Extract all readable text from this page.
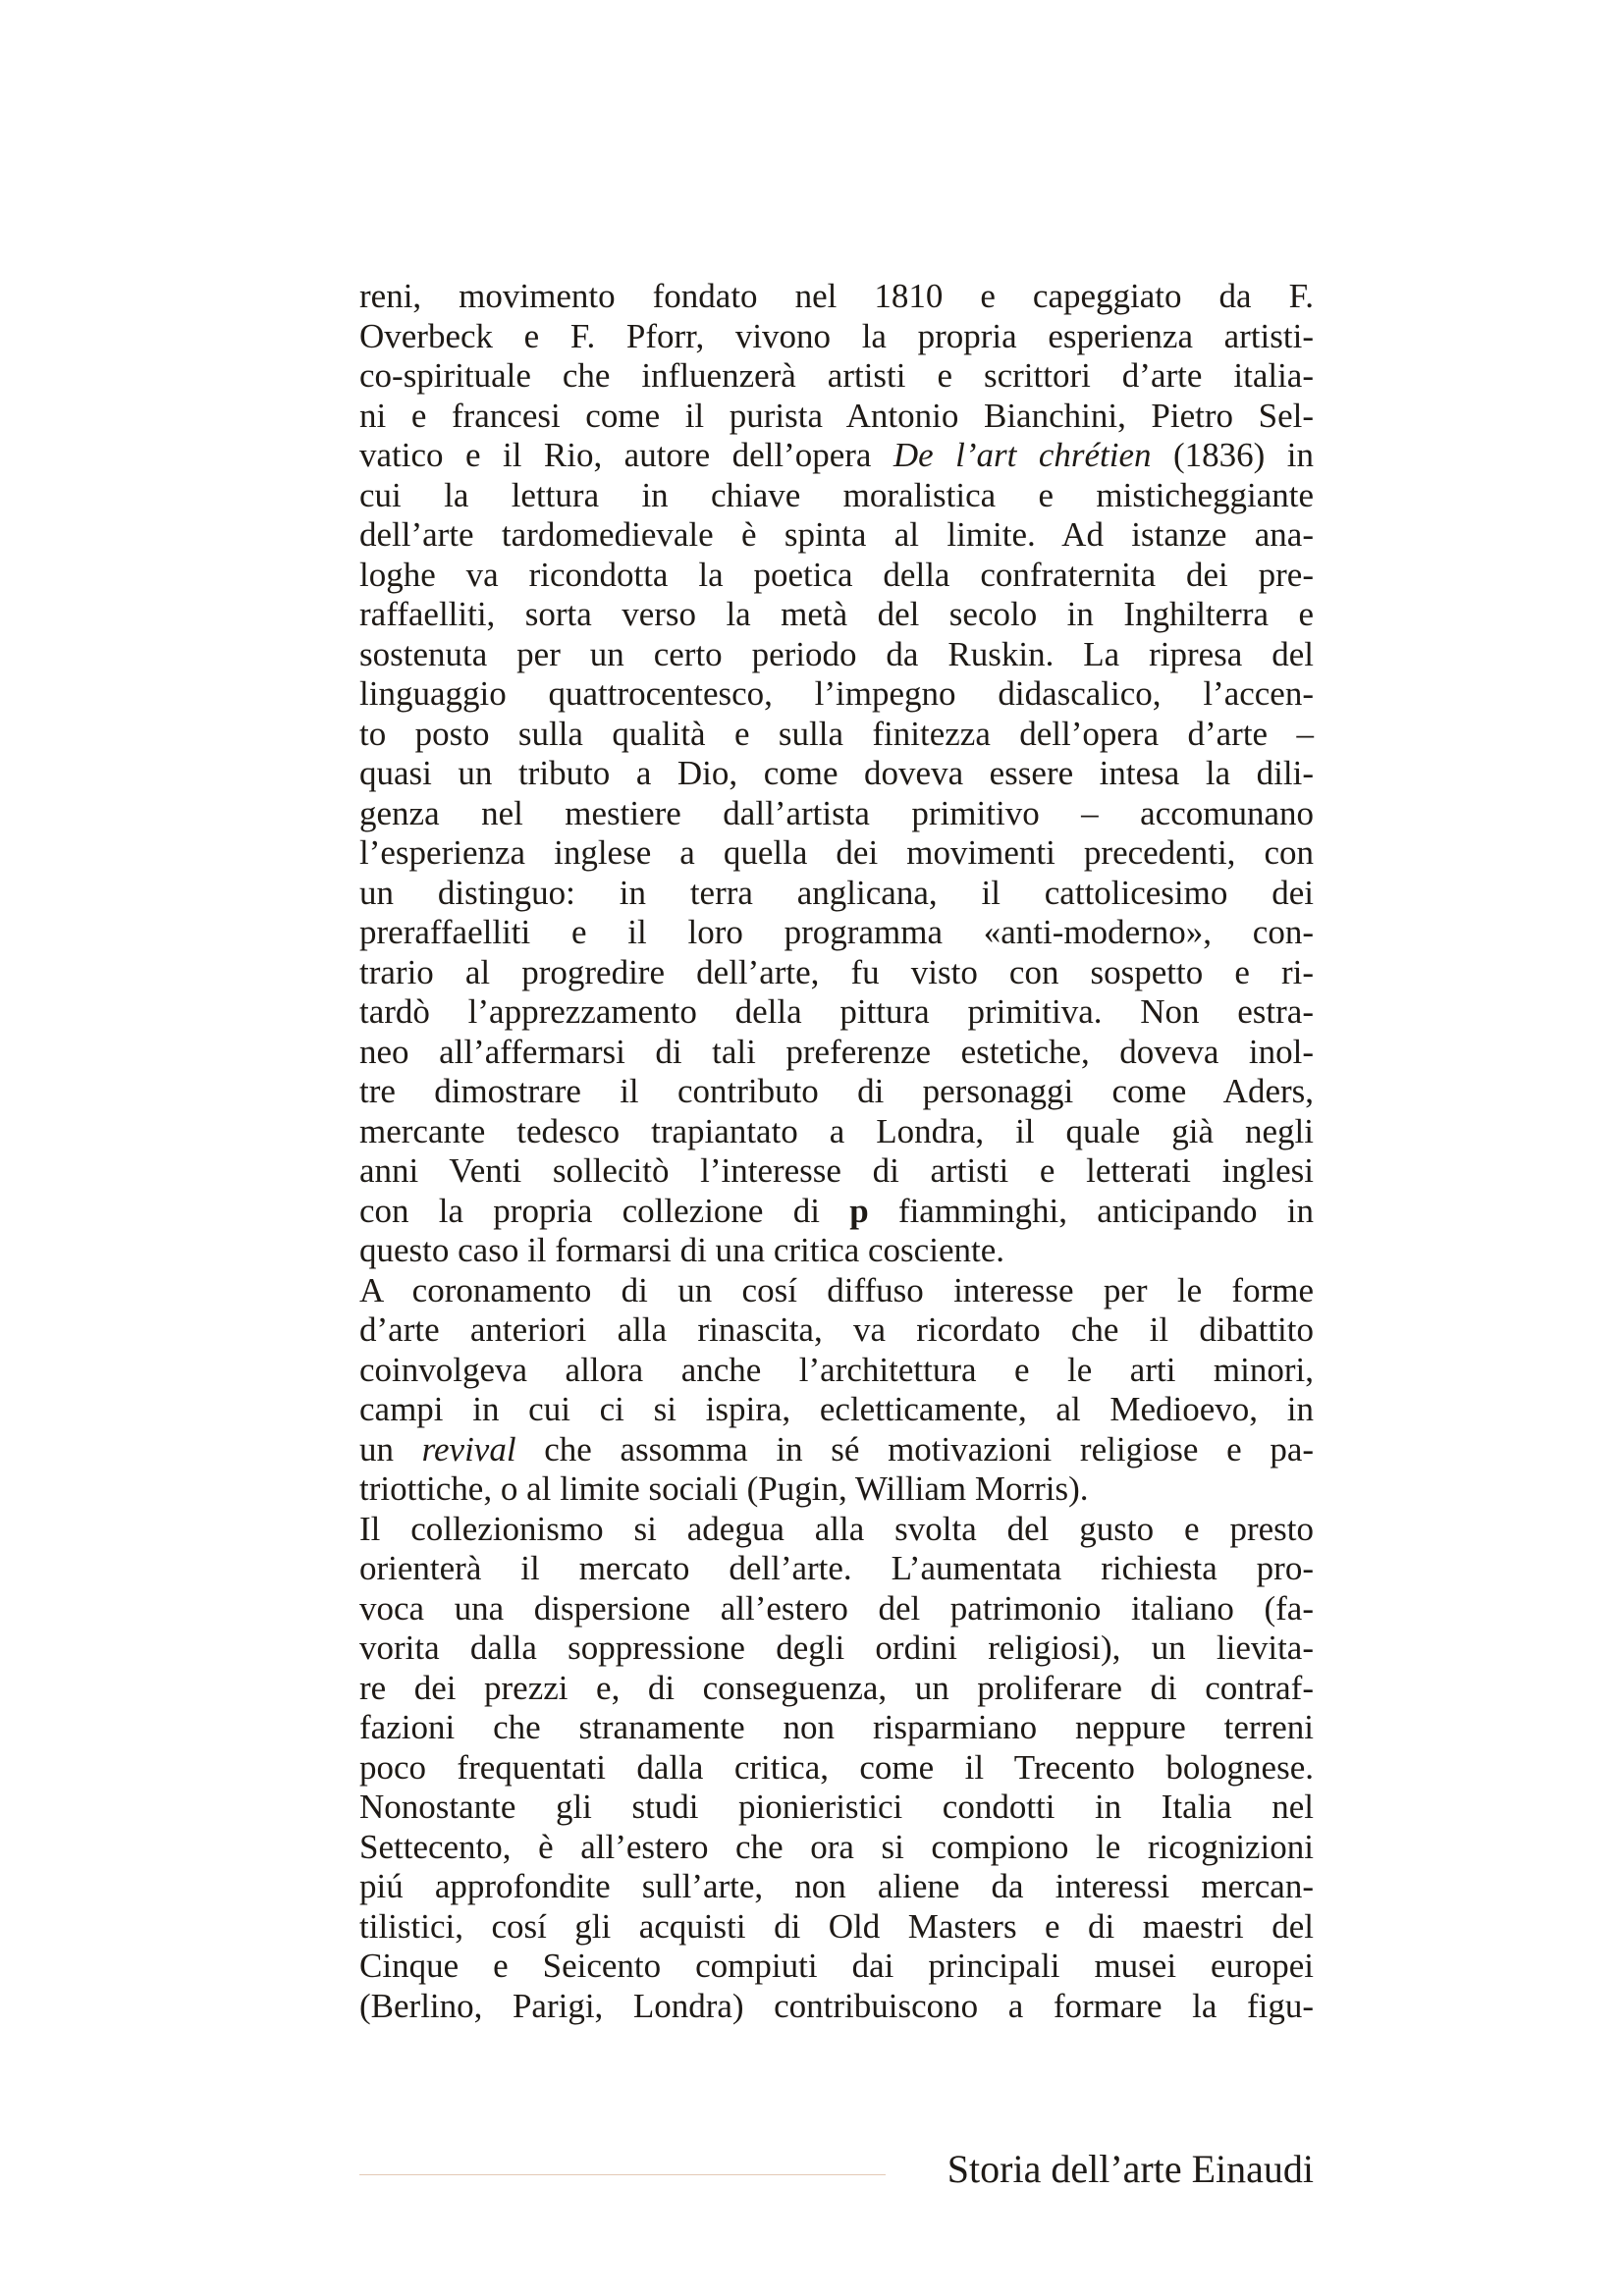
reni, movimento fondato nel 1810 e capeggiato da F.
Overbeck e F. Pforr, vivono la propria esperienza artisti-
co-spirituale che influenzerà artisti e scrittori d’arte italia-
ni e francesi come il purista Antonio Bianchini, Pietro Sel-
vatico e il Rio, autore dell’opera De l’art chrétien (1836) in
cui la lettura in chiave moralistica e misticheggiante
dell’arte tardomedievale è spinta al limite. Ad istanze ana-
loghe va ricondotta la poetica della confraternita dei pre-
raffaelliti, sorta verso la metà del secolo in Inghilterra e
sostenuta per un certo periodo da Ruskin. La ripresa del
linguaggio quattrocentesco, l’impegno didascalico, l’accen-
to posto sulla qualità e sulla finitezza dell’opera d’arte –
quasi un tributo a Dio, come doveva essere intesa la dili-
genza nel mestiere dall’artista primitivo – accomunano
l’esperienza inglese a quella dei movimenti precedenti, con
un distinguo: in terra anglicana, il cattolicesimo dei
preraffaelliti e il loro programma «anti-moderno», con-
trario al progredire dell’arte, fu visto con sospetto e ri-
tardò l’apprezzamento della pittura primitiva. Non estra-
neo all’affermarsi di tali preferenze estetiche, doveva inol-
tre dimostrare il contributo di personaggi come Aders,
mercante tedesco trapiantato a Londra, il quale già negli
anni Venti sollecitò l’interesse di artisti e letterati inglesi
con la propria collezione di p fiamminghi, anticipando in
questo caso il formarsi di una critica cosciente.
A coronamento di un cosí diffuso interesse per le forme
d’arte anteriori alla rinascita, va ricordato che il dibattito
coinvolgeva allora anche l’architettura e le arti minori,
campi in cui ci si ispira, ecletticamente, al Medioevo, in
un revival che assomma in sé motivazioni religiose e pa-
triottiche, o al limite sociali (Pugin, William Morris).
Il collezionismo si adegua alla svolta del gusto e presto
orienterà il mercato dell’arte. L’aumentata richiesta pro-
voca una dispersione all’estero del patrimonio italiano (fa-
vorita dalla soppressione degli ordini religiosi), un lievita-
re dei prezzi e, di conseguenza, un proliferare di contraf-
fazioni che stranamente non risparmiano neppure terreni
poco frequentati dalla critica, come il Trecento bolognese.
Nonostante gli studi pionieristici condotti in Italia nel
Settecento, è all’estero che ora si compiono le ricognizioni
piú approfondite sull’arte, non aliene da interessi mercan-
tilistici, cosí gli acquisti di Old Masters e di maestri del
Cinque e Seicento compiuti dai principali musei europei
(Berlino, Parigi, Londra) contribuiscono a formare la figu-
Storia dell’arte Einaudi
